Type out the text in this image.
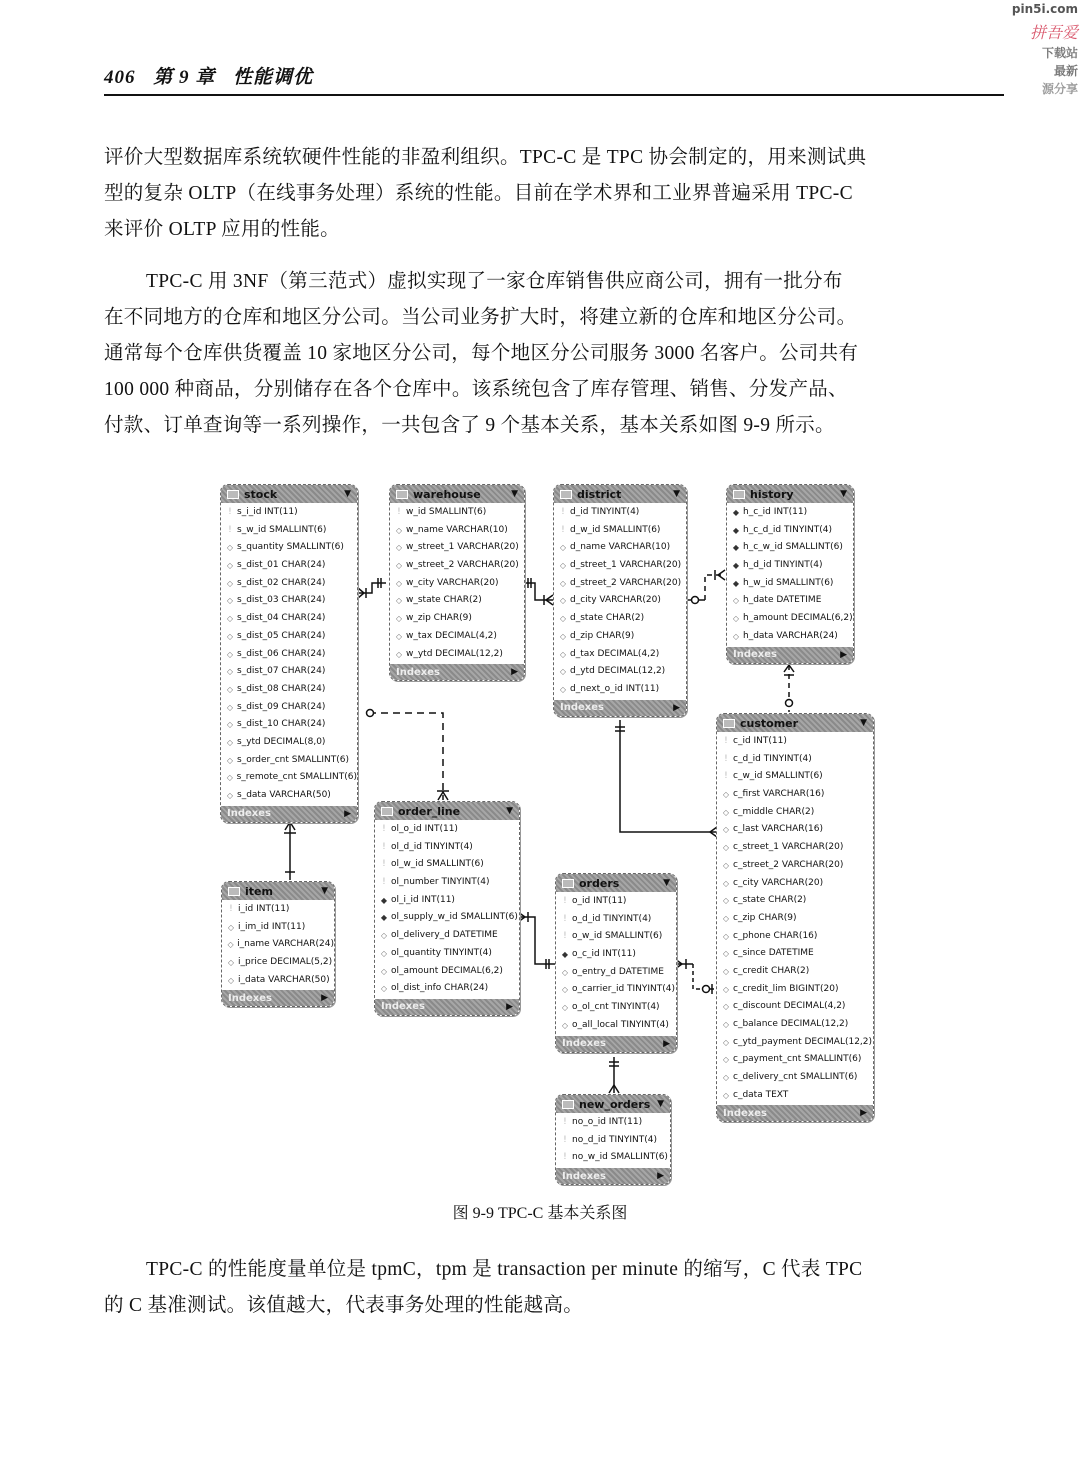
406 第 9 章 性能调优
pin5i.com
拼吾爱
下载站
最新
源分享
评价大型数据库系统软硬件性能的非盈利组织。TPC-C 是 TPC 协会制定的，用来测试典
型的复杂 OLTP（在线事务处理）系统的性能。目前在学术界和工业界普遍采用 TPC-C
来评价 OLTP 应用的性能。
TPC-C 用 3NF（第三范式）虚拟实现了一家仓库销售供应商公司，拥有一批分布
在不同地方的仓库和地区分公司。当公司业务扩大时，将建立新的仓库和地区分公司。
通常每个仓库供货覆盖 10 家地区分公司，每个地区分公司服务 3000 名客户。公司共有
100 000 种商品，分别储存在各个仓库中。该系统包含了库存管理、销售、分发产品、
付款、订单查询等一系列操作，一共包含了 9 个基本关系，基本关系如图 9-9 所示。
stock	▼
ǃ s_i_id INT(11)
ǃ s_w_id SMALLINT(6)
◇ s_quantity SMALLINT(6)
◇ s_dist_01 CHAR(24)
◇ s_dist_02 CHAR(24)
◇ s_dist_03 CHAR(24)
◇ s_dist_04 CHAR(24)
◇ s_dist_05 CHAR(24)
◇ s_dist_06 CHAR(24)
◇ s_dist_07 CHAR(24)
◇ s_dist_08 CHAR(24)
◇ s_dist_09 CHAR(24)
◇ s_dist_10 CHAR(24)
◇ s_ytd DECIMAL(8,0)
◇ s_order_cnt SMALLINT(6)
◇ s_remote_cnt SMALLINT(6)
◇ s_data VARCHAR(50)
Indexes	▶
warehouse	▼
ǃ w_id SMALLINT(6)
◇ w_name VARCHAR(10)
◇ w_street_1 VARCHAR(20)
◇ w_street_2 VARCHAR(20)
◇ w_city VARCHAR(20)
◇ w_state CHAR(2)
◇ w_zip CHAR(9)
◇ w_tax DECIMAL(4,2)
◇ w_ytd DECIMAL(12,2)
Indexes	▶
district	▼
ǃ d_id TINYINT(4)
ǃ d_w_id SMALLINT(6)
◇ d_name VARCHAR(10)
◇ d_street_1 VARCHAR(20)
◇ d_street_2 VARCHAR(20)
◇ d_city VARCHAR(20)
◇ d_state CHAR(2)
◇ d_zip CHAR(9)
◇ d_tax DECIMAL(4,2)
◇ d_ytd DECIMAL(12,2)
◇ d_next_o_id INT(11)
Indexes	▶
history	▼
◆ h_c_id INT(11)
◆ h_c_d_id TINYINT(4)
◆ h_c_w_id SMALLINT(6)
◆ h_d_id TINYINT(4)
◆ h_w_id SMALLINT(6)
◇ h_date DATETIME
◇ h_amount DECIMAL(6,2)
◇ h_data VARCHAR(24)
Indexes	▶
customer	▼
ǃ c_id INT(11)
ǃ c_d_id TINYINT(4)
ǃ c_w_id SMALLINT(6)
◇ c_first VARCHAR(16)
◇ c_middle CHAR(2)
◇ c_last VARCHAR(16)
◇ c_street_1 VARCHAR(20)
◇ c_street_2 VARCHAR(20)
◇ c_city VARCHAR(20)
◇ c_state CHAR(2)
◇ c_zip CHAR(9)
◇ c_phone CHAR(16)
◇ c_since DATETIME
◇ c_credit CHAR(2)
◇ c_credit_lim BIGINT(20)
◇ c_discount DECIMAL(4,2)
◇ c_balance DECIMAL(12,2)
◇ c_ytd_payment DECIMAL(12,2)
◇ c_payment_cnt SMALLINT(6)
◇ c_delivery_cnt SMALLINT(6)
◇ c_data TEXT
Indexes	▶
order_line	▼
ǃ ol_o_id INT(11)
ǃ ol_d_id TINYINT(4)
ǃ ol_w_id SMALLINT(6)
ǃ ol_number TINYINT(4)
◆ ol_i_id INT(11)
◆ ol_supply_w_id SMALLINT(6)
◇ ol_delivery_d DATETIME
◇ ol_quantity TINYINT(4)
◇ ol_amount DECIMAL(6,2)
◇ ol_dist_info CHAR(24)
Indexes	▶
orders	▼
ǃ o_id INT(11)
ǃ o_d_id TINYINT(4)
ǃ o_w_id SMALLINT(6)
◆ o_c_id INT(11)
◇ o_entry_d DATETIME
◇ o_carrier_id TINYINT(4)
◇ o_ol_cnt TINYINT(4)
◇ o_all_local TINYINT(4)
Indexes	▶
item	▼
ǃ i_id INT(11)
◇ i_im_id INT(11)
◇ i_name VARCHAR(24)
◇ i_price DECIMAL(5,2)
◇ i_data VARCHAR(50)
Indexes	▶
new_orders ▼
ǃ no_o_id INT(11)
ǃ no_d_id TINYINT(4)
ǃ no_w_id SMALLINT(6)
Indexes	▶
图 9-9 TPC-C 基本关系图
TPC-C 的性能度量单位是 tpmC，tpm 是 transaction per minute 的缩写，C 代表 TPC
的 C 基准测试。该值越大，代表事务处理的性能越高。
